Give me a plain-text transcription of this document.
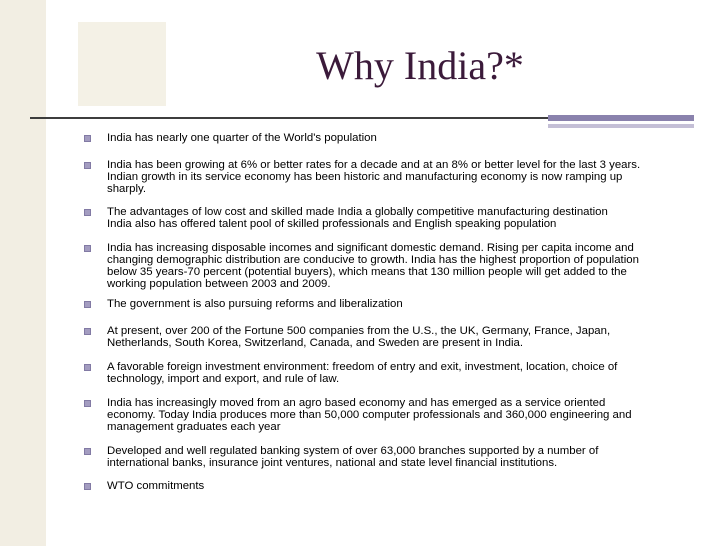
Why India?*
India has nearly one quarter of the World's population
India has been growing at 6% or better rates for a decade and at an 8% or better level for the last 3 years.
Indian growth in its service economy has been historic and manufacturing economy is now ramping up
sharply.
The advantages of low cost and skilled made India a globally competitive manufacturing destination
India also has offered talent pool of skilled professionals and English speaking population
India has increasing disposable incomes and significant domestic demand. Rising per capita income and
changing demographic distribution are conducive to growth. India has the highest proportion of population
below 35 years-70 percent (potential buyers), which means that 130 million people will get added to the
working population between 2003 and 2009.
The government is also pursuing reforms and liberalization
At present, over 200 of the Fortune 500 companies from the U.S., the UK, Germany, France, Japan,
Netherlands, South Korea, Switzerland, Canada, and Sweden are present in India.
A favorable foreign investment environment: freedom of entry and exit, investment, location, choice of
technology, import and export, and rule of law.
India has increasingly moved from an agro based economy and has emerged as a service oriented
economy. Today India produces more than 50,000 computer professionals and 360,000 engineering and
management graduates each year
Developed and well regulated banking system of over 63,000 branches supported by a number of
international banks, insurance joint ventures, national and state level financial institutions.
WTO commitments
